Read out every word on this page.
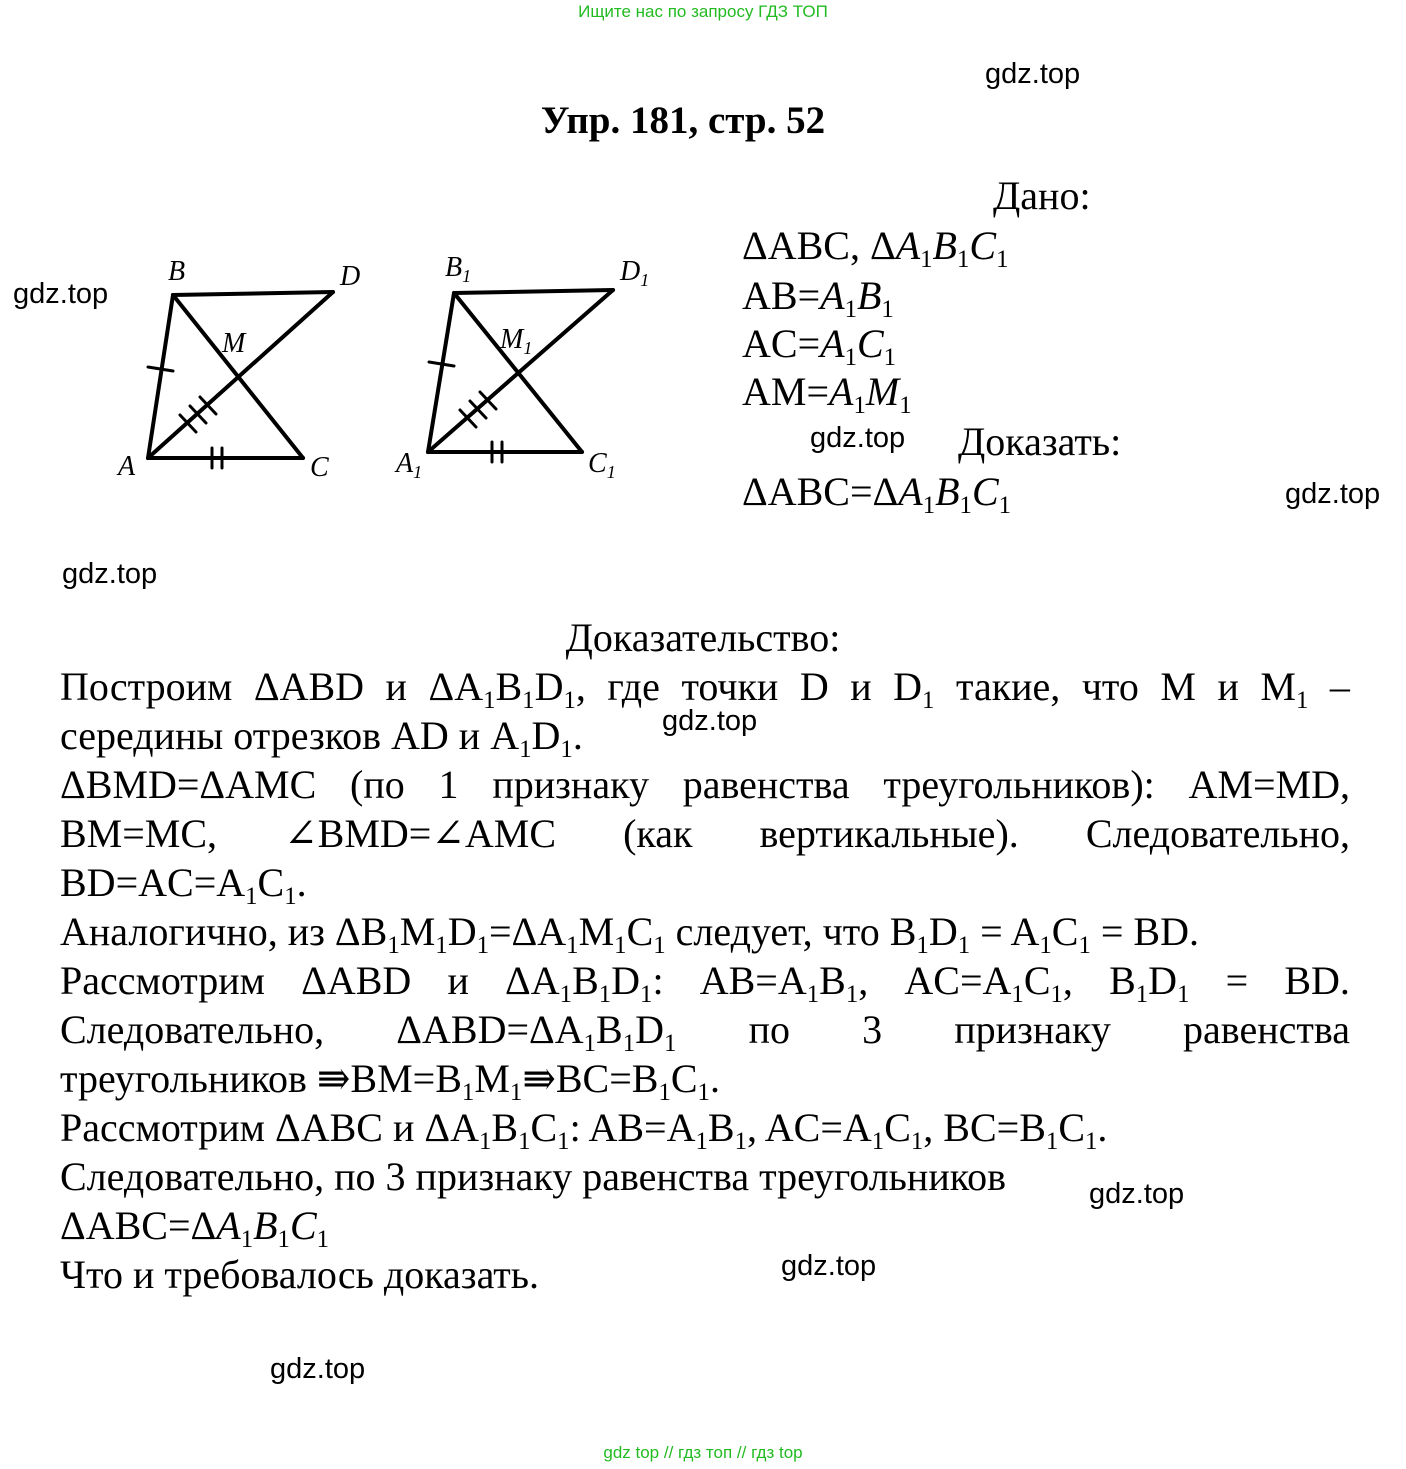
Ищите нас по запросу ГДЗ ТОП
gdz.top
gdz.top
gdz.top
gdz.top
gdz.top
gdz.top
gdz.top
gdz.top
gdz.top
Упр. 181, стр. 52
A
B
C
D
M
$A_1$
$B_1$
$C_1$
$D_1$
$M_1$
Дано:
ΔABC, $\Delta A_1B_1C_1$
$AB=A_1B_1$
$AC=A_1C_1$
$AM=A_1M_1$
Доказать:
$\Delta ABC=\Delta A_1B_1C_1$
Доказательство:
Построим ΔABD и $\Delta A_1B_1D_1$, где точки D и $D_1$ такие, что M и $M_1$ –
середины отрезков AD и $A_1D_1$.
ΔBMD=ΔAMC (по 1 признаку равенства треугольников): AM=MD,
BM=MC, ∠BMD=∠AMC (как вертикальные). Следовательно,
$BD=AC=A_1C_1$.
Аналогично, из $\Delta B_1M_1D_1=\Delta A_1M_1C_1$ следует, что $B_1D_1 = A_1C_1$ = BD.
Рассмотрим ΔABD и $\Delta A_1B_1D_1$: $AB=A_1B_1$, $AC=A_1C_1$, $B_1D_1$ = BD.
Следовательно, $\Delta ABD=\Delta A_1B_1D_1$ по 3 признаку равенства
треугольников $⇛BM=B_1M_1⇛BC=B_1C_1$.
Рассмотрим ΔABC и $\Delta A_1B_1C_1$: $AB=A_1B_1$, $AC=A_1C_1$, $BC=B_1C_1$.
Следовательно, по 3 признаку равенства треугольников
$\Delta ABC=\Delta A_1B_1C_1$
Что и требовалось доказать.
gdz top // гдз топ // гдз top
